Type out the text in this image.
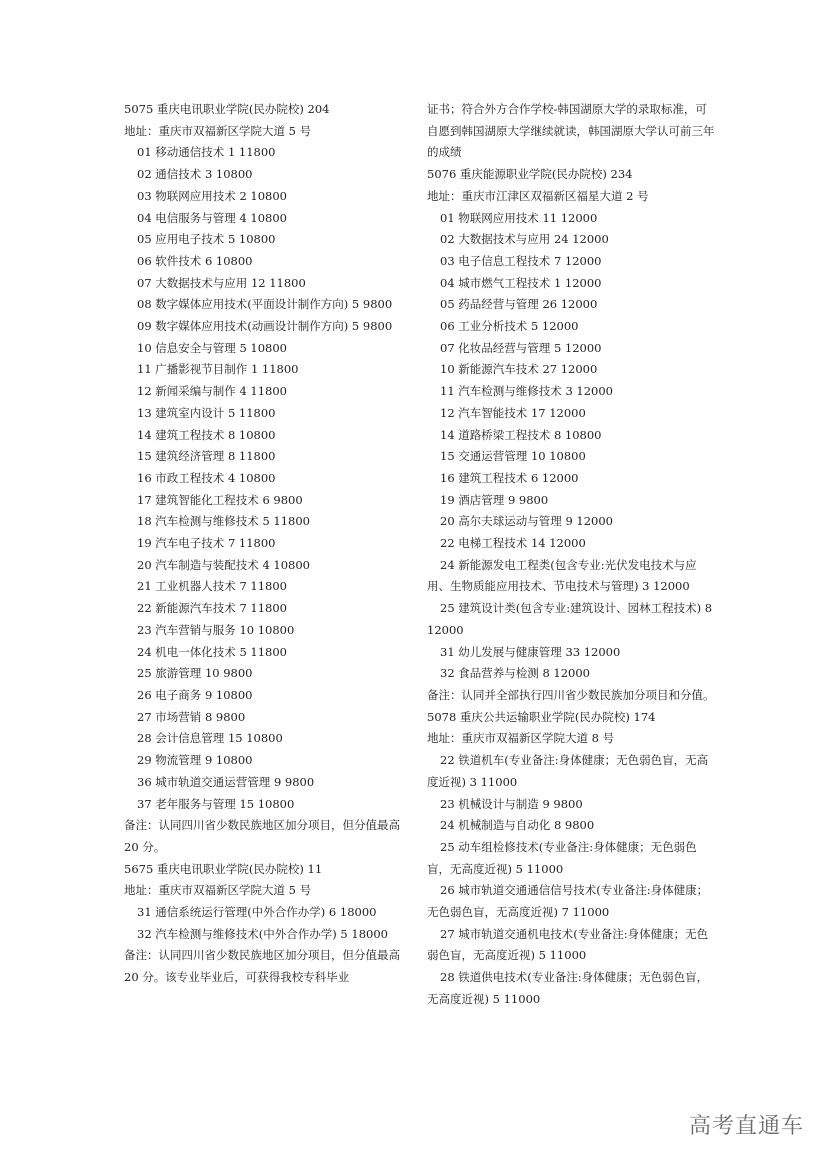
5075 重庆电讯职业学院(民办院校) 204
地址：重庆市双福新区学院大道 5 号
01 移动通信技术 1 11800
02 通信技术 3 10800
03 物联网应用技术 2 10800
04 电信服务与管理 4 10800
05 应用电子技术 5 10800
06 软件技术 6 10800
07 大数据技术与应用 12 11800
08 数字媒体应用技术(平面设计制作方向) 5 9800
09 数字媒体应用技术(动画设计制作方向) 5 9800
10 信息安全与管理 5 10800
11 广播影视节目制作 1 11800
12 新闻采编与制作 4 11800
13 建筑室内设计 5 11800
14 建筑工程技术 8 10800
15 建筑经济管理 8 11800
16 市政工程技术 4 10800
17 建筑智能化工程技术 6 9800
18 汽车检测与维修技术 5 11800
19 汽车电子技术 7 11800
20 汽车制造与装配技术 4 10800
21 工业机器人技术 7 11800
22 新能源汽车技术 7 11800
23 汽车营销与服务 10 10800
24 机电一体化技术 5 11800
25 旅游管理 10 9800
26 电子商务 9 10800
27 市场营销 8 9800
28 会计信息管理 15 10800
29 物流管理 9 10800
36 城市轨道交通运营管理 9 9800
37 老年服务与管理 15 10800
备注：认同四川省少数民族地区加分项目，但分值最高 20 分。
5675 重庆电讯职业学院(民办院校) 11
地址：重庆市双福新区学院大道 5 号
31 通信系统运行管理(中外合作办学) 6 18000
32 汽车检测与维修技术(中外合作办学) 5 18000
备注：认同四川省少数民族地区加分项目，但分值最高 20 分。该专业毕业后，可获得我校专科毕业
证书；符合外方合作学校-韩国湖原大学的录取标准，可自愿到韩国湖原大学继续就读，韩国湖原大学认可前三年的成绩
5076 重庆能源职业学院(民办院校) 234
地址：重庆市江津区双福新区福星大道 2 号
01 物联网应用技术 11 12000
02 大数据技术与应用 24 12000
03 电子信息工程技术 7 12000
04 城市燃气工程技术 1 12000
05 药品经营与管理 26 12000
06 工业分析技术 5 12000
07 化妆品经营与管理 5 12000
10 新能源汽车技术 27 12000
11 汽车检测与维修技术 3 12000
12 汽车智能技术 17 12000
14 道路桥梁工程技术 8 10800
15 交通运营管理 10 10800
16 建筑工程技术 6 12000
19 酒店管理 9 9800
20 高尔夫球运动与管理 9 12000
22 电梯工程技术 14 12000
24 新能源发电工程类(包含专业:光伏发电技术与应用、生物质能应用技术、节电技术与管理) 3 12000
25 建筑设计类(包含专业:建筑设计、园林工程技术) 8 12000
31 幼儿发展与健康管理 33 12000
32 食品营养与检测 8 12000
备注：认同并全部执行四川省少数民族加分项目和分值。
5078 重庆公共运输职业学院(民办院校) 174
地址：重庆市双福新区学院大道 8 号
22 铁道机车(专业备注:身体健康；无色弱色盲，无高度近视) 3 11000
23 机械设计与制造 9 9800
24 机械制造与自动化 8 9800
25 动车组检修技术(专业备注:身体健康；无色弱色盲，无高度近视) 5 11000
26 城市轨道交通通信信号技术(专业备注:身体健康；无色弱色盲，无高度近视) 7 11000
27 城市轨道交通机电技术(专业备注:身体健康；无色弱色盲，无高度近视) 5 11000
28 铁道供电技术(专业备注:身体健康；无色弱色盲，无高度近视) 5 11000
高考直通车
